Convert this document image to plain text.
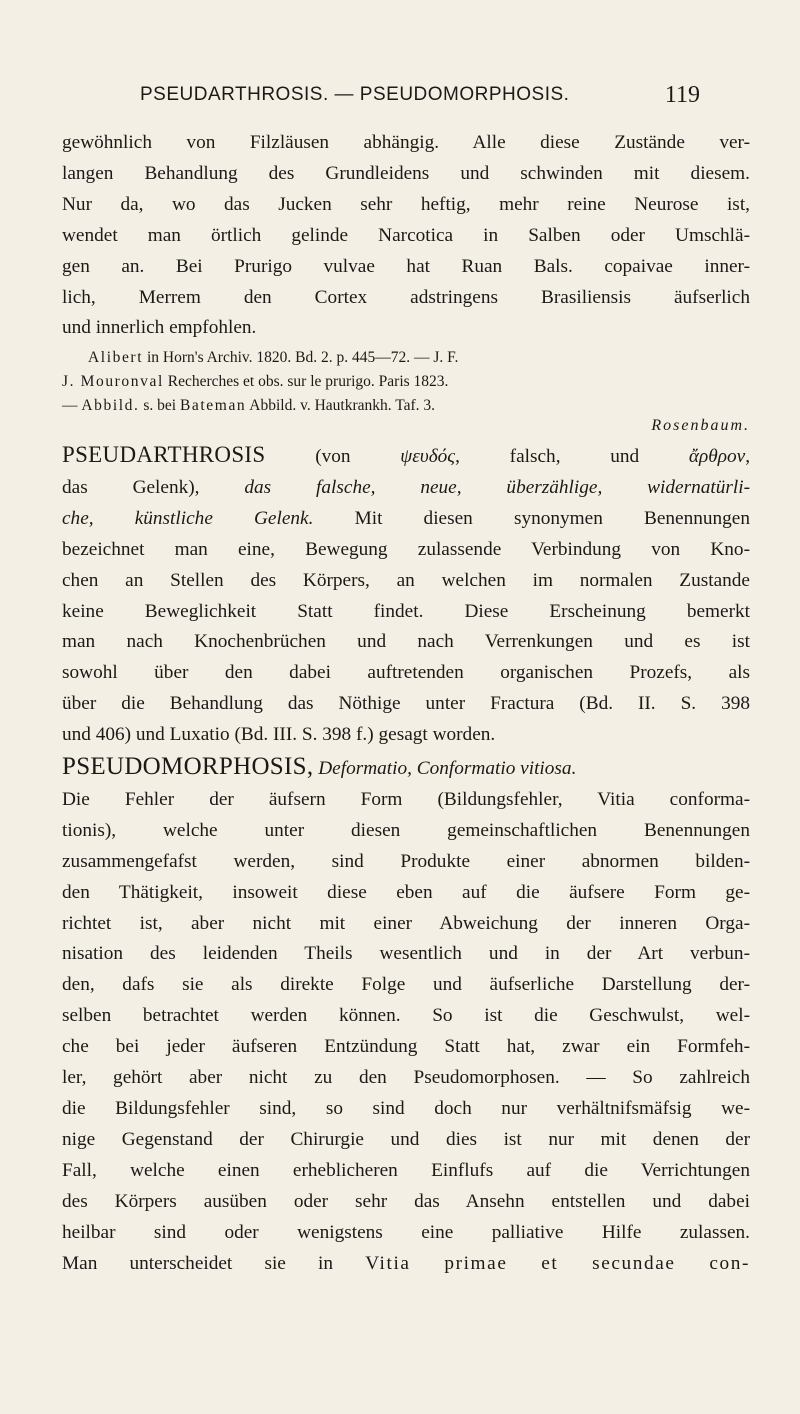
PSEUDARTHROSIS. — PSEUDOMORPHOSIS.	119
gewöhnlich von Filzläusen abhängig. Alle diese Zustände ver-
langen Behandlung des Grundleidens und schwinden mit diesem.
Nur da, wo das Jucken sehr heftig, mehr reine Neurose ist,
wendet man örtlich gelinde Narcotica in Salben oder Umschlä-
gen an. Bei Prurigo vulvae hat Ruan Bals. copaivae inner-
lich, Merrem den Cortex adstringens Brasiliensis äufserlich
und innerlich empfohlen.
Alibert in Horn's Archiv. 1820. Bd. 2. p. 445—72. — J. F.
J. Mouronval Recherches et obs. sur le prurigo. Paris 1823.
— Abbild. s. bei Bateman Abbild. v. Hautkrankh. Taf. 3.
Rosenbaum.
PSEUDARTHROSIS (von ψευδός, falsch, und ἄρθρον,
das Gelenk), das falsche, neue, überzählige, widernatürli-
che, künstliche Gelenk. Mit diesen synonymen Benennungen
bezeichnet man eine, Bewegung zulassende Verbindung von Kno-
chen an Stellen des Körpers, an welchen im normalen Zustande
keine Beweglichkeit Statt findet. Diese Erscheinung bemerkt
man nach Knochenbrüchen und nach Verrenkungen und es ist
sowohl über den dabei auftretenden organischen Prozefs, als
über die Behandlung das Nöthige unter Fractura (Bd. II. S. 398
und 406) und Luxatio (Bd. III. S. 398 f.) gesagt worden.
PSEUDOMORPHOSIS, Deformatio, Conformatio vitiosa.
Die Fehler der äufsern Form (Bildungsfehler, Vitia conforma-
tionis), welche unter diesen gemeinschaftlichen Benennungen
zusammengefafst werden, sind Produkte einer abnormen bilden-
den Thätigkeit, insoweit diese eben auf die äufsere Form ge-
richtet ist, aber nicht mit einer Abweichung der inneren Orga-
nisation des leidenden Theils wesentlich und in der Art verbun-
den, dafs sie als direkte Folge und äufserliche Darstellung der-
selben betrachtet werden können. So ist die Geschwulst, wel-
che bei jeder äufseren Entzündung Statt hat, zwar ein Formfeh-
ler, gehört aber nicht zu den Pseudomorphosen. — So zahlreich
die Bildungsfehler sind, so sind doch nur verhältnifsmäfsig we-
nige Gegenstand der Chirurgie und dies ist nur mit denen der
Fall, welche einen erheblicheren Einflufs auf die Verrichtungen
des Körpers ausüben oder sehr das Ansehn entstellen und dabei
heilbar sind oder wenigstens eine palliative Hilfe zulassen.
Man unterscheidet sie in Vitia primae et secundae con-
